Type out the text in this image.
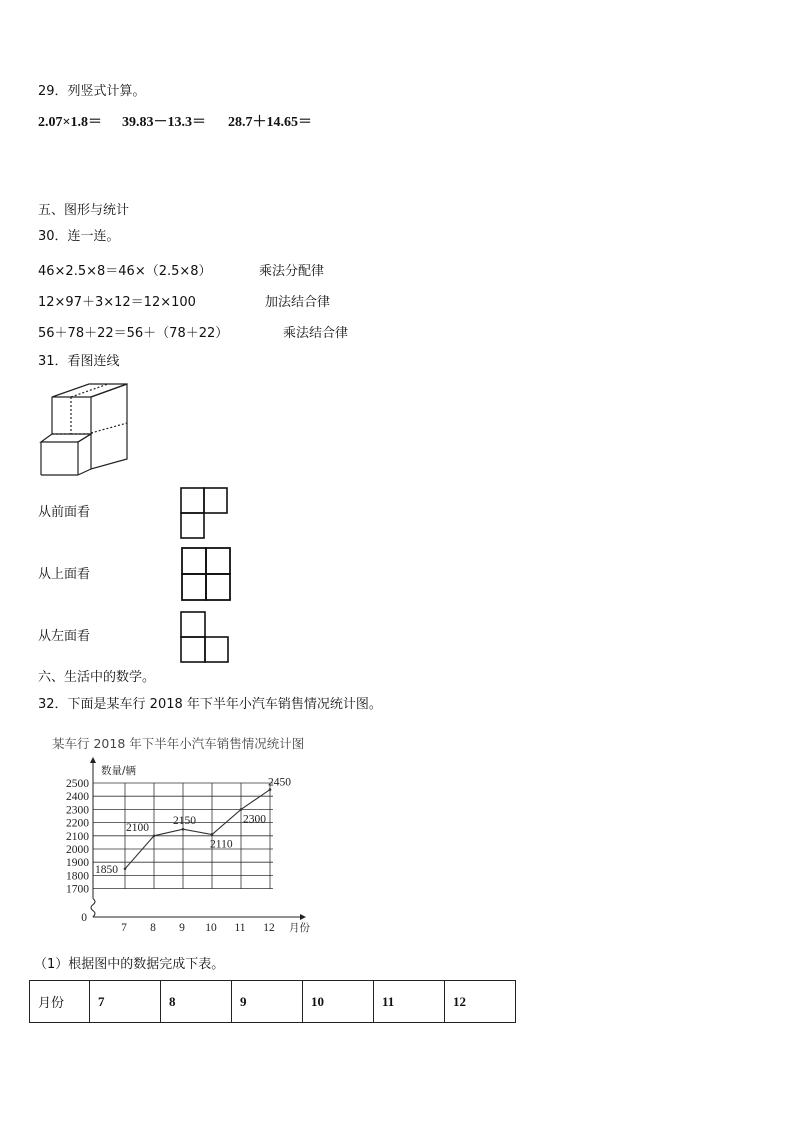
29．列竖式计算。
2.07×1.8＝ 39.83－13.3＝ 28.7＋14.65＝
五、图形与统计
30．连一连。
46×2.5×8＝46×（2.5×8）
12×97＋3×12＝12×100
56＋78＋22＝56＋（78＋22）
乘法分配律
加法结合律
乘法结合律
31．看图连线
从前面看
从上面看
从左面看
六、生活中的数学。
32．下面是某车行 2018 年下半年小汽车销售情况统计图。
某车行 2018 年下半年小汽车销售情况统计图
2500
2400
2300
2200
2100
2000
1900
1800
1700
0
7 8 9 10 11 12
数量/辆
月份
1850
2100
2150
2110
2300
2450
（1）根据图中的数据完成下表。
月份	7	8	9	10	11	12
